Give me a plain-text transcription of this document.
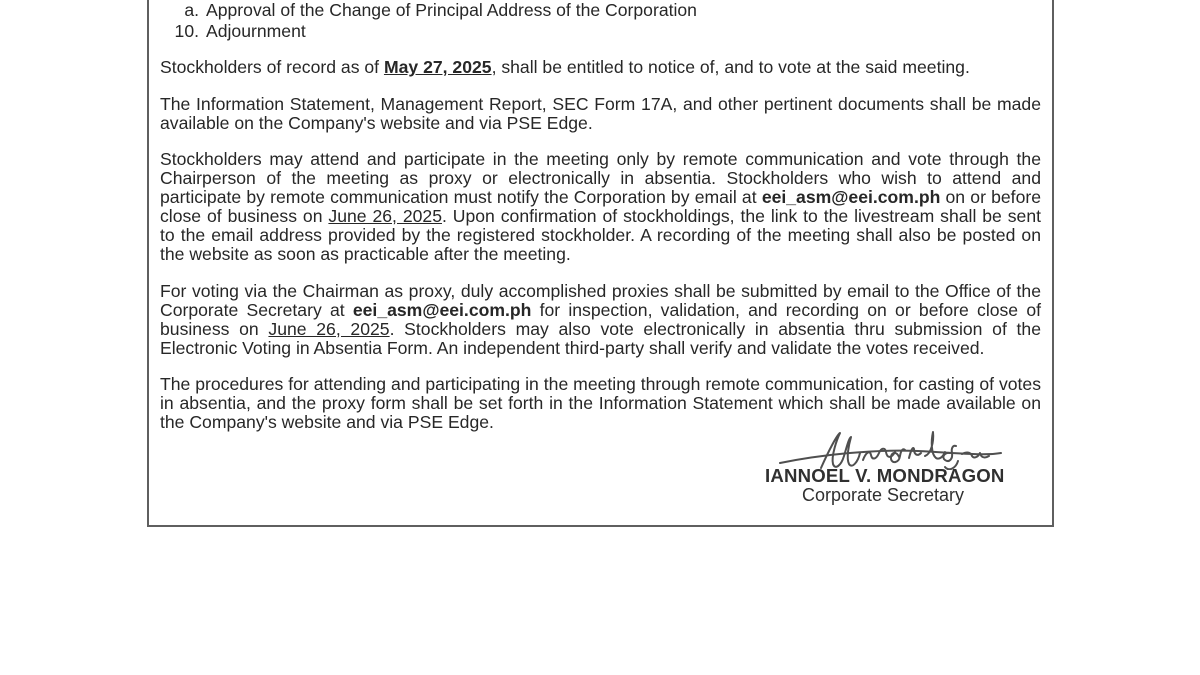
a. Approval of the Change of Principal Address of the Corporation
10. Adjournment

Stockholders of record as of May 27, 2025, shall be entitled to notice of, and to vote at the said meeting.

The Information Statement, Management Report, SEC Form 17A, and other pertinent documents shall be made available on the Company's website and via PSE Edge.

Stockholders may attend and participate in the meeting only by remote communication and vote through the Chairperson of the meeting as proxy or electronically in absentia. Stockholders who wish to attend and participate by remote communication must notify the Corporation by email at eei_asm@eei.com.ph on or before close of business on June 26, 2025. Upon confirmation of stockholdings, the link to the livestream shall be sent to the email address provided by the registered stockholder. A recording of the meeting shall also be posted on the website as soon as practicable after the meeting.

For voting via the Chairman as proxy, duly accomplished proxies shall be submitted by email to the Office of the Corporate Secretary at eei_asm@eei.com.ph for inspection, validation, and recording on or before close of business on June 26, 2025. Stockholders may also vote electronically in absentia thru submission of the Electronic Voting in Absentia Form. An independent third-party shall verify and validate the votes received.

The procedures for attending and participating in the meeting through remote communication, for casting of votes in absentia, and the proxy form shall be set forth in the Information Statement which shall be made available on the Company's website and via PSE Edge.

IANNOEL V. MONDRAGON
Corporate Secretary
